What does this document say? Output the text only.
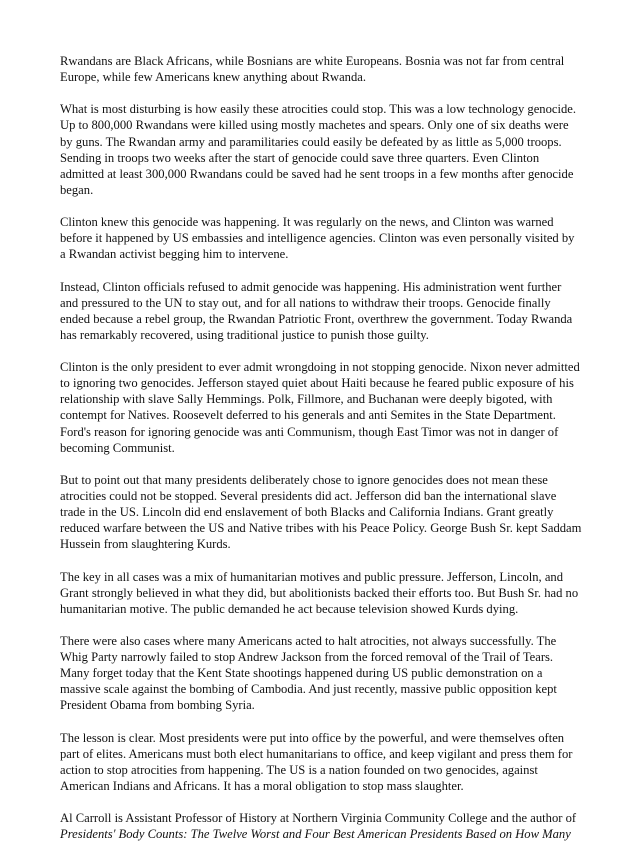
Rwandans are Black Africans, while Bosnians are white Europeans. Bosnia was not far from central Europe, while few Americans knew anything about Rwanda.

What is most disturbing is how easily these atrocities could stop. This was a low technology genocide. Up to 800,000 Rwandans were killed using mostly machetes and spears. Only one of six deaths were by guns. The Rwandan army and paramilitaries could easily be defeated by as little as 5,000 troops. Sending in troops two weeks after the start of genocide could save three quarters. Even Clinton admitted at least 300,000 Rwandans could be saved had he sent troops in a few months after genocide began.

Clinton knew this genocide was happening. It was regularly on the news, and Clinton was warned before it happened by US embassies and intelligence agencies. Clinton was even personally visited by a Rwandan activist begging him to intervene.

Instead, Clinton officials refused to admit genocide was happening. His administration went further and pressured to the UN to stay out, and for all nations to withdraw their troops. Genocide finally ended because a rebel group, the Rwandan Patriotic Front, overthrew the government. Today Rwanda has remarkably recovered, using traditional justice to punish those guilty.

Clinton is the only president to ever admit wrongdoing in not stopping genocide. Nixon never admitted to ignoring two genocides. Jefferson stayed quiet about Haiti because he feared public exposure of his relationship with slave Sally Hemmings. Polk, Fillmore, and Buchanan were deeply bigoted, with contempt for Natives. Roosevelt deferred to his generals and anti Semites in the State Department. Ford's reason for ignoring genocide was anti Communism, though East Timor was not in danger of becoming Communist.

But to point out that many presidents deliberately chose to ignore genocides does not mean these atrocities could not be stopped. Several presidents did act. Jefferson did ban the international slave trade in the US. Lincoln did end enslavement of both Blacks and California Indians. Grant greatly reduced warfare between the US and Native tribes with his Peace Policy. George Bush Sr. kept Saddam Hussein from slaughtering Kurds.

The key in all cases was a mix of humanitarian motives and public pressure. Jefferson, Lincoln, and Grant strongly believed in what they did, but abolitionists backed their efforts too. But Bush Sr. had no humanitarian motive. The public demanded he act because television showed Kurds dying.

There were also cases where many Americans acted to halt atrocities, not always successfully. The Whig Party narrowly failed to stop Andrew Jackson from the forced removal of the Trail of Tears. Many forget today that the Kent State shootings happened during US public demonstration on a massive scale against the bombing of Cambodia. And just recently, massive public opposition kept President Obama from bombing Syria.

The lesson is clear. Most presidents were put into office by the powerful, and were themselves often part of elites. Americans must both elect humanitarians to office, and keep vigilant and press them for action to stop atrocities from happening. The US is a nation founded on two genocides, against American Indians and Africans. It has a moral obligation to stop mass slaughter.

Al Carroll is Assistant Professor of History at Northern Virginia Community College and the author of
Presidents' Body Counts: The Twelve Worst and Four Best American Presidents Based on How Many
